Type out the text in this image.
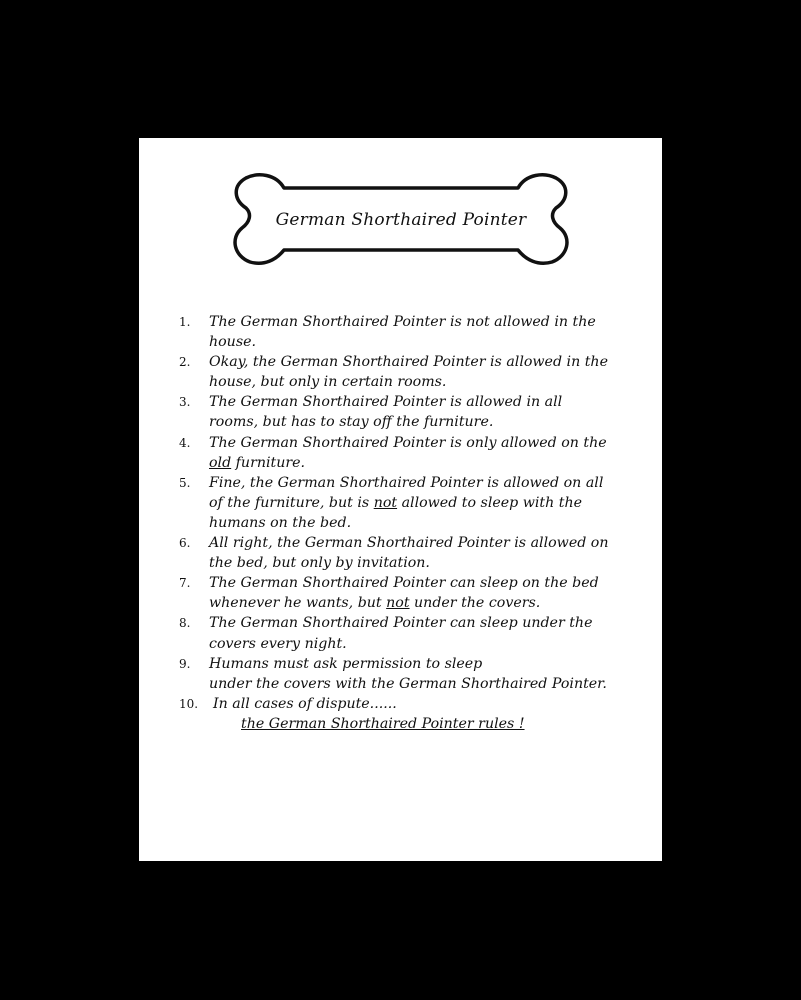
German Shorthaired Pointer
1. The German Shorthaired Pointer is not allowed in the house.
2. Okay, the German Shorthaired Pointer is allowed in the house, but only in certain rooms.
3. The German Shorthaired Pointer is allowed in all rooms, but has to stay off the furniture.
4. The German Shorthaired Pointer is only allowed on the old furniture.
5. Fine, the German Shorthaired Pointer is allowed on all of the furniture, but is not allowed to sleep with the humans on the bed.
6. All right, the German Shorthaired Pointer is allowed on the bed, but only by invitation.
7. The German Shorthaired Pointer can sleep on the bed whenever he wants, but not under the covers.
8. The German Shorthaired Pointer can sleep under the covers every night.
9. Humans must ask permission to sleep
under the covers with the German Shorthaired Pointer.
10. In all cases of dispute......
the German Shorthaired Pointer rules !
